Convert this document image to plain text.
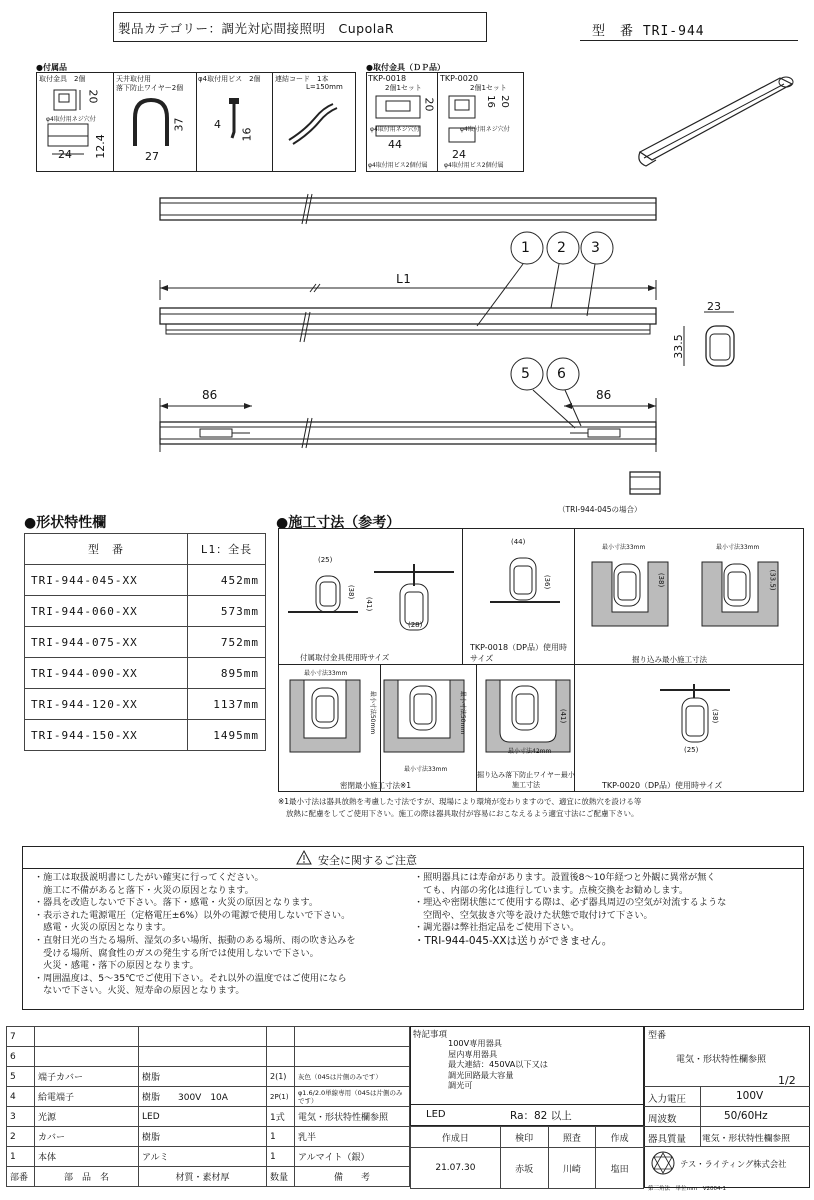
製品カテゴリー：調光対応間接照明　CupolaR	型　番 TRI-944
●付属品
取付金具　2個
20
φ4取付用ネジ穴付
12.4
24
天井取付用
落下防止ワイヤー2個
37
27
φ4取付用ビス　2個
4
16
連結コード　1本
L=150mm
●取付金具（ＤＰ品）
TKP-0018
2個1セット
20
44
φ4取付用ネジ穴付
φ4取付用ビス2個付属
TKP-0020
2個1セット
16 20
24
φ4取付用ネジ穴付
φ4取付用ビス2個付属
1 2 3
L1
23
33.5
5 6
86	86
（TRI-944-045の場合）
●形状特性欄
型　番	L1：全長
TRI-944-045-XX	452mm
TRI-944-060-XX	573mm
TRI-944-075-XX	752mm
TRI-944-090-XX	895mm
TRI-944-120-XX	1137mm
TRI-944-150-XX	1495mm
●施工寸法（参考）
(25)
(38)
(41)
(28)
付属取付金具使用時サイズ
(44)
(36)
TKP-0018（DP品）使用時サイズ
最小寸法33mm
(38)
最小寸法33mm
(33.5)
掘り込み最小施工寸法
最小寸法33mm
最小寸法50mm	最小寸法50mm
最小寸法33mm
密閉最小施工寸法※1
最小寸法42mm
(41)
掘り込み落下防止ワイヤー最小施工寸法
(38)
(25)
TKP-0020（DP品）使用時サイズ
※1最小寸法は器具放熱を考慮した寸法ですが、現場により環境が変わりますので、適宜に放熱穴を設ける等
放熱に配慮をしてご使用下さい。施工の際は器具取付が容易におこなえるよう適宜寸法にご配慮下さい。
安全に関するご注意

・施工は取扱説明書にしたがい確実に行ってください。

　施工に不備があると落下・火災の原因となります。

・器具を改造しないで下さい。落下・感電・火災の原因となります。

・表示された電源電圧（定格電圧±6%）以外の電源で使用しないで下さい。

　感電・火災の原因となります。

・直射日光の当たる場所、湿気の多い場所、振動のある場所、雨の吹き込みを

　受ける場所、腐食性のガスの発生する所では使用しないで下さい。

　火災・感電・落下の原因となります。

・周囲温度は、5〜35℃でご使用下さい。それ以外の温度ではご使用になら

　ないで下さい。火災、短寿命の原因となります。

・照明器具には寿命があります。設置後8〜10年経つと外観に異常が無く

　ても、内部の劣化は進行しています。点検交換をお勧めします。

・埋込や密閉状態にて使用する際は、必ず器具周辺の空気が対流するような

　空間や、空気抜き穴等を設けた状態で取付けて下さい。

・調光器は弊社指定品をご使用下さい。

・TRI-944-045-XXは送りができません。

7				
6				
5	端子カバー	樹脂	2(1)	灰色（045は片側のみです）
4	給電端子	樹脂　　300V　10A	2P(1)	φ1.6/2.0単線専用（045は片側のみです）
3	光源	LED	1式	電気・形状特性欄参照
2	カバー	樹脂	1	乳半
1	本体	アルミ	1	アルマイト（銀）
部番	部　品　名	材質・素材厚	数量	備　　考
特記事項
100V専用器具
屋内専用器具
最大連結：450VA以下又は
調光回路最大容量
調光可
LED	Ra：82 以上
作成日	検印	照査	作成
21.07.30	赤坂	川崎	塩田
型番
電気・形状特性欄参照
1/2
入力電圧	100V
周波数	50/60Hz
器具質量 電気・形状特性欄参照
テス・ライティング株式会社
第三角法　単位mm　V2004-1
